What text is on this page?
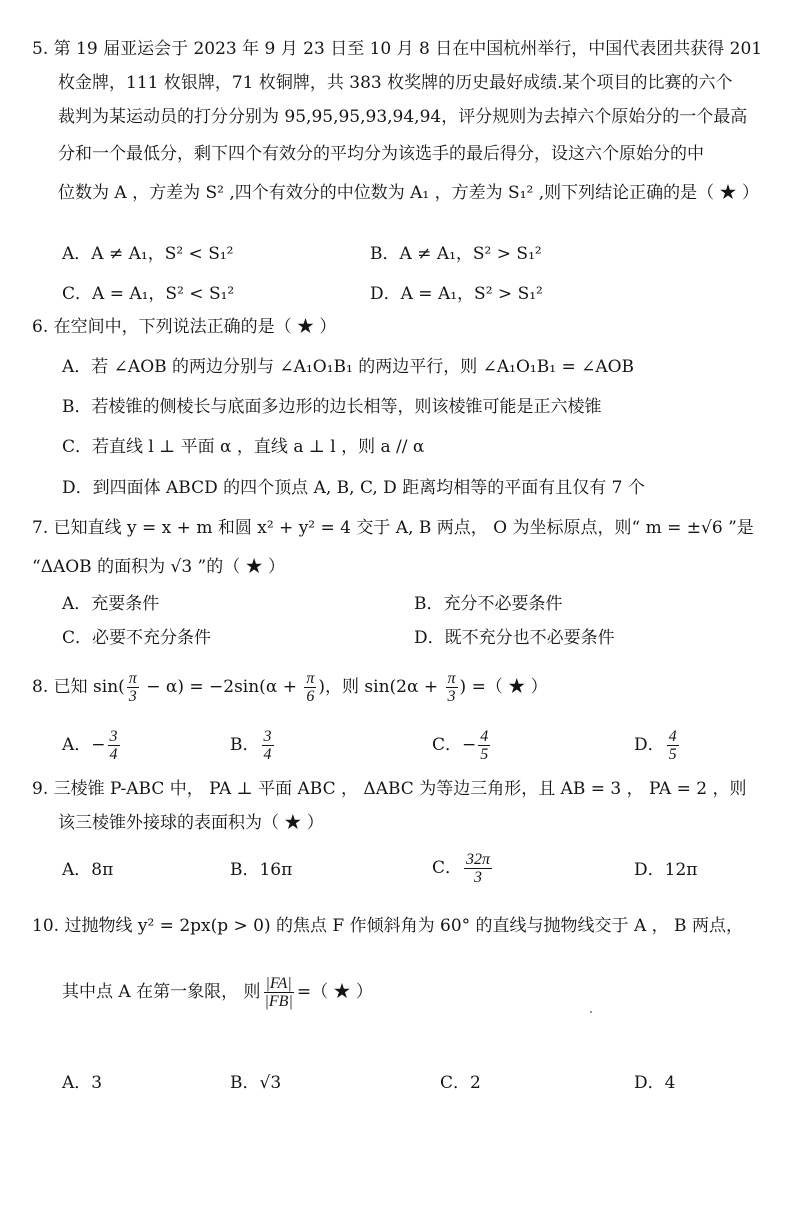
5. 第 19 届亚运会于 2023 年 9 月 23 日至 10 月 8 日在中国杭州举行，中国代表团共获得 201
枚金牌，111 枚银牌，71 枚铜牌，共 383 枚奖牌的历史最好成绩.某个项目的比赛的六个
裁判为某运动员的打分分别为 95,95,95,93,94,94，评分规则为去掉六个原始分的一个最高
分和一个最低分，剩下四个有效分的平均分为该选手的最后得分，设这六个原始分的中
位数为 A ，方差为 S² ,四个有效分的中位数为 A₁ ，方差为 S₁² ,则下列结论正确的是（ ★ ）
A．A ≠ A₁，S² < S₁²	B．A ≠ A₁，S² > S₁²
C．A = A₁，S² < S₁²	D．A = A₁，S² > S₁²
6. 在空间中，下列说法正确的是（ ★ ）
A．若 ∠AOB 的两边分别与 ∠A₁O₁B₁ 的两边平行，则 ∠A₁O₁B₁ = ∠AOB
B．若棱锥的侧棱长与底面多边形的边长相等，则该棱锥可能是正六棱锥
C．若直线 l ⊥ 平面 α ，直线 a ⊥ l ，则 a // α
D．到四面体 ABCD 的四个顶点 A, B, C, D 距离均相等的平面有且仅有 7 个
7. 已知直线 y = x + m 和圆 x² + y² = 4 交于 A, B 两点， O 为坐标原点，则“ m = ±√6 ”是
“ΔAOB 的面积为 √3 ”的（ ★ ）
A．充要条件	B．充分不必要条件
C．必要不充分条件	D．既不充分也不必要条件
8. 已知 $\sin( \frac{\pi}{3} - \alpha) = -2\sin(\alpha + \frac{\pi}{6}$ )，则 $\sin(2\alpha + \frac{\pi}{3}$ ) =（ ★ ）
A．− $\frac{3}{4}$	B． $\frac{3}{4}$	C．− $\frac{4}{5}$	D． $\frac{4}{5}$
9. 三棱锥 P-ABC 中， PA ⊥ 平面 ABC ， ΔABC 为等边三角形，且 AB = 3 ， PA = 2 ，则
该三棱锥外接球的表面积为（ ★ ）
A．8π	B．16π	C． $\frac{32\pi}{3}$	D．12π
10. 过抛物线 y² = 2px(p > 0) 的焦点 F 作倾斜角为 60° 的直线与抛物线交于 A ， B 两点，
其中点 A 在第一象限， 则 $\frac{|FA|}{|FB|}$ =（ ★ ）
A．3	B．√3	C．2	D．4
